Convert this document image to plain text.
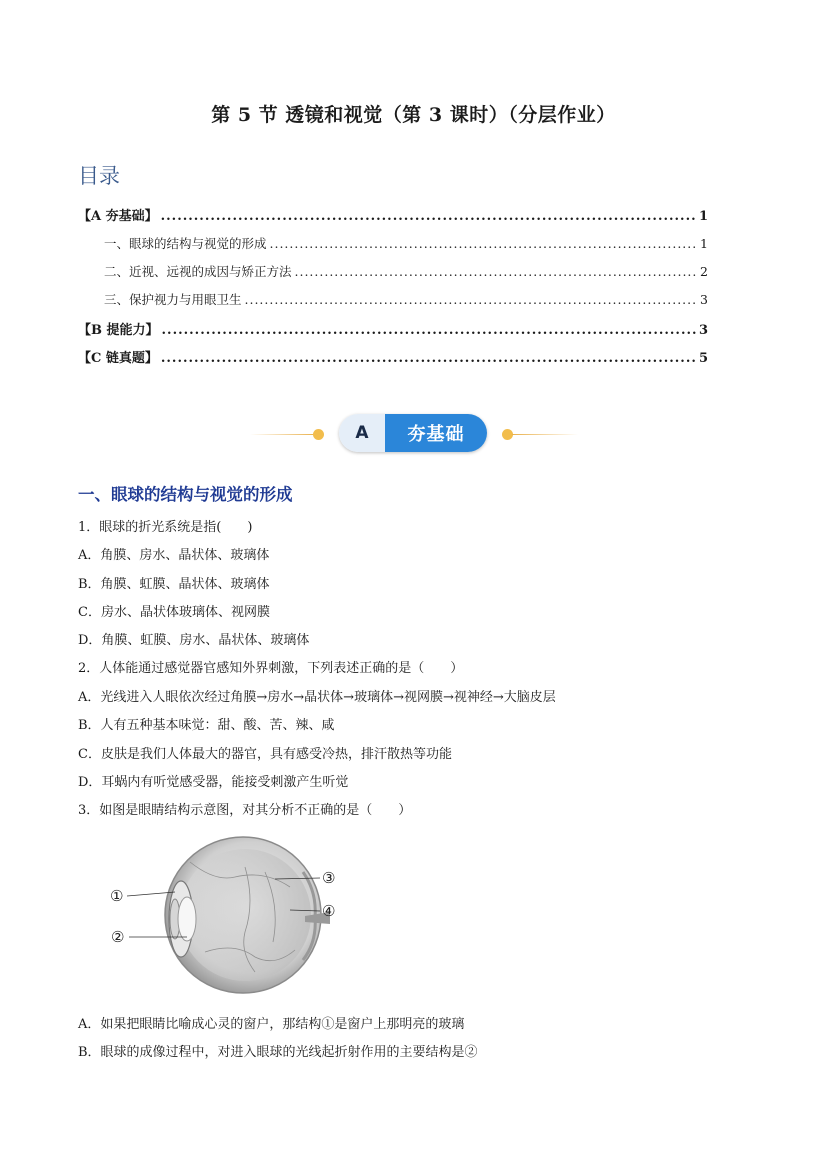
第 5 节 透镜和视觉（第 3 课时）（分层作业）
目录
【A 夯基础】 .....	1
一、眼球的结构与视觉的形成 .....	1
二、近视、远视的成因与矫正方法 .....	2
三、保护视力与用眼卫生 .....	3
【B 提能力】 .....	3
【C 链真题】 .....	5
A	夯基础
一、眼球的结构与视觉的形成
1．眼球的折光系统是指(　　)
A．角膜、房水、晶状体、玻璃体
B．角膜、虹膜、晶状体、玻璃体
C．房水、晶状体玻璃体、视网膜
D．角膜、虹膜、房水、晶状体、玻璃体
2．人体能通过感觉器官感知外界刺激，下列表述正确的是（　　）
A．光线进入人眼依次经过角膜→房水→晶状体→玻璃体→视网膜→视神经→大脑皮层
B．人有五种基本味觉：甜、酸、苦、辣、咸
C．皮肤是我们人体最大的器官，具有感受冷热，排汗散热等功能
D．耳蜗内有听觉感受器，能接受刺激产生听觉
3．如图是眼睛结构示意图，对其分析不正确的是（　　）
①
②
③
④
A．如果把眼睛比喻成心灵的窗户，那结构①是窗户上那明亮的玻璃
B．眼球的成像过程中，对进入眼球的光线起折射作用的主要结构是②
